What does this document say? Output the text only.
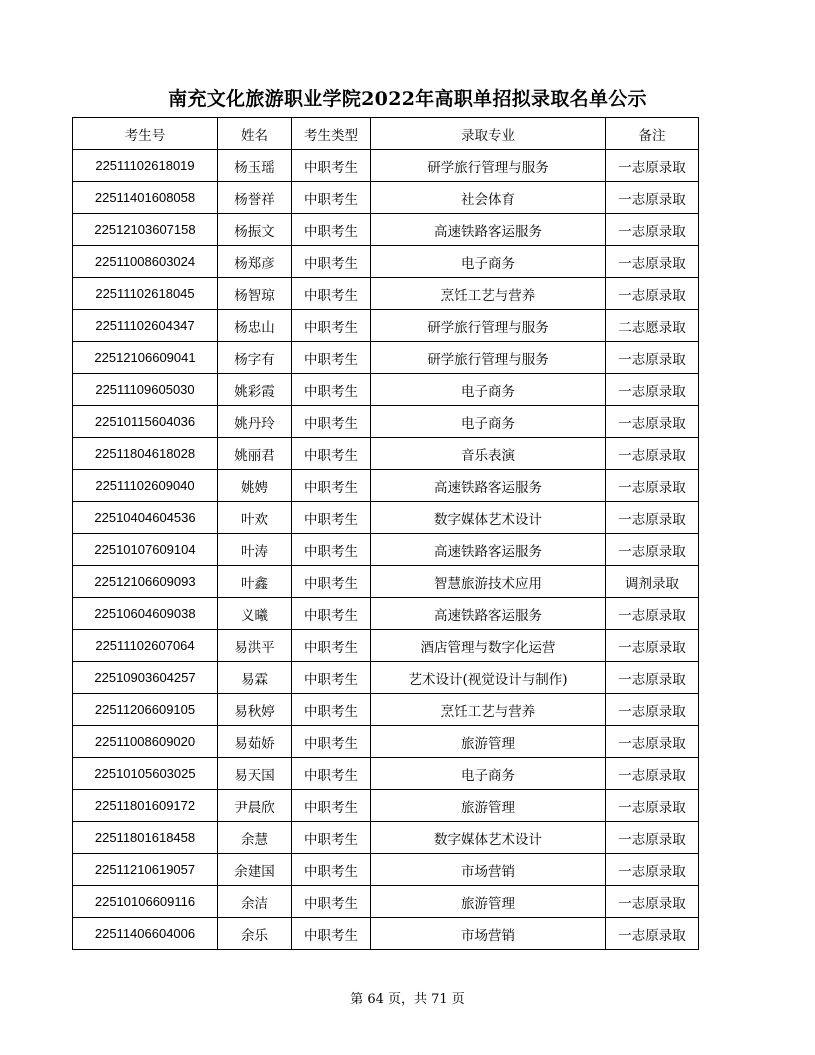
南充文化旅游职业学院2022年高职单招拟录取名单公示
考生号	姓名	考生类型	录取专业	备注
22511102618019	杨玉瑶	中职考生	研学旅行管理与服务	一志原录取
22511401608058	杨誉祥	中职考生	社会体育	一志原录取
22512103607158	杨振文	中职考生	高速铁路客运服务	一志原录取
22511008603024	杨郑彦	中职考生	电子商务	一志原录取
22511102618045	杨智琼	中职考生	烹饪工艺与营养	一志原录取
22511102604347	杨忠山	中职考生	研学旅行管理与服务	二志愿录取
22512106609041	杨字有	中职考生	研学旅行管理与服务	一志原录取
22511109605030	姚彩霞	中职考生	电子商务	一志原录取
22510115604036	姚丹玲	中职考生	电子商务	一志原录取
22511804618028	姚丽君	中职考生	音乐表演	一志原录取
22511102609040	姚娉	中职考生	高速铁路客运服务	一志原录取
22510404604536	叶欢	中职考生	数字媒体艺术设计	一志原录取
22510107609104	叶涛	中职考生	高速铁路客运服务	一志原录取
22512106609093	叶鑫	中职考生	智慧旅游技术应用	调剂录取
22510604609038	义曦	中职考生	高速铁路客运服务	一志原录取
22511102607064	易洪平	中职考生	酒店管理与数字化运营	一志原录取
22510903604257	易霖	中职考生	艺术设计(视觉设计与制作)	一志原录取
22511206609105	易秋婷	中职考生	烹饪工艺与营养	一志原录取
22511008609020	易茹娇	中职考生	旅游管理	一志原录取
22510105603025	易天国	中职考生	电子商务	一志原录取
22511801609172	尹晨欣	中职考生	旅游管理	一志原录取
22511801618458	余慧	中职考生	数字媒体艺术设计	一志原录取
22511210619057	余建国	中职考生	市场营销	一志原录取
22510106609116	余洁	中职考生	旅游管理	一志原录取
22511406604006	余乐	中职考生	市场营销	一志原录取
第 64 页，共 71 页
